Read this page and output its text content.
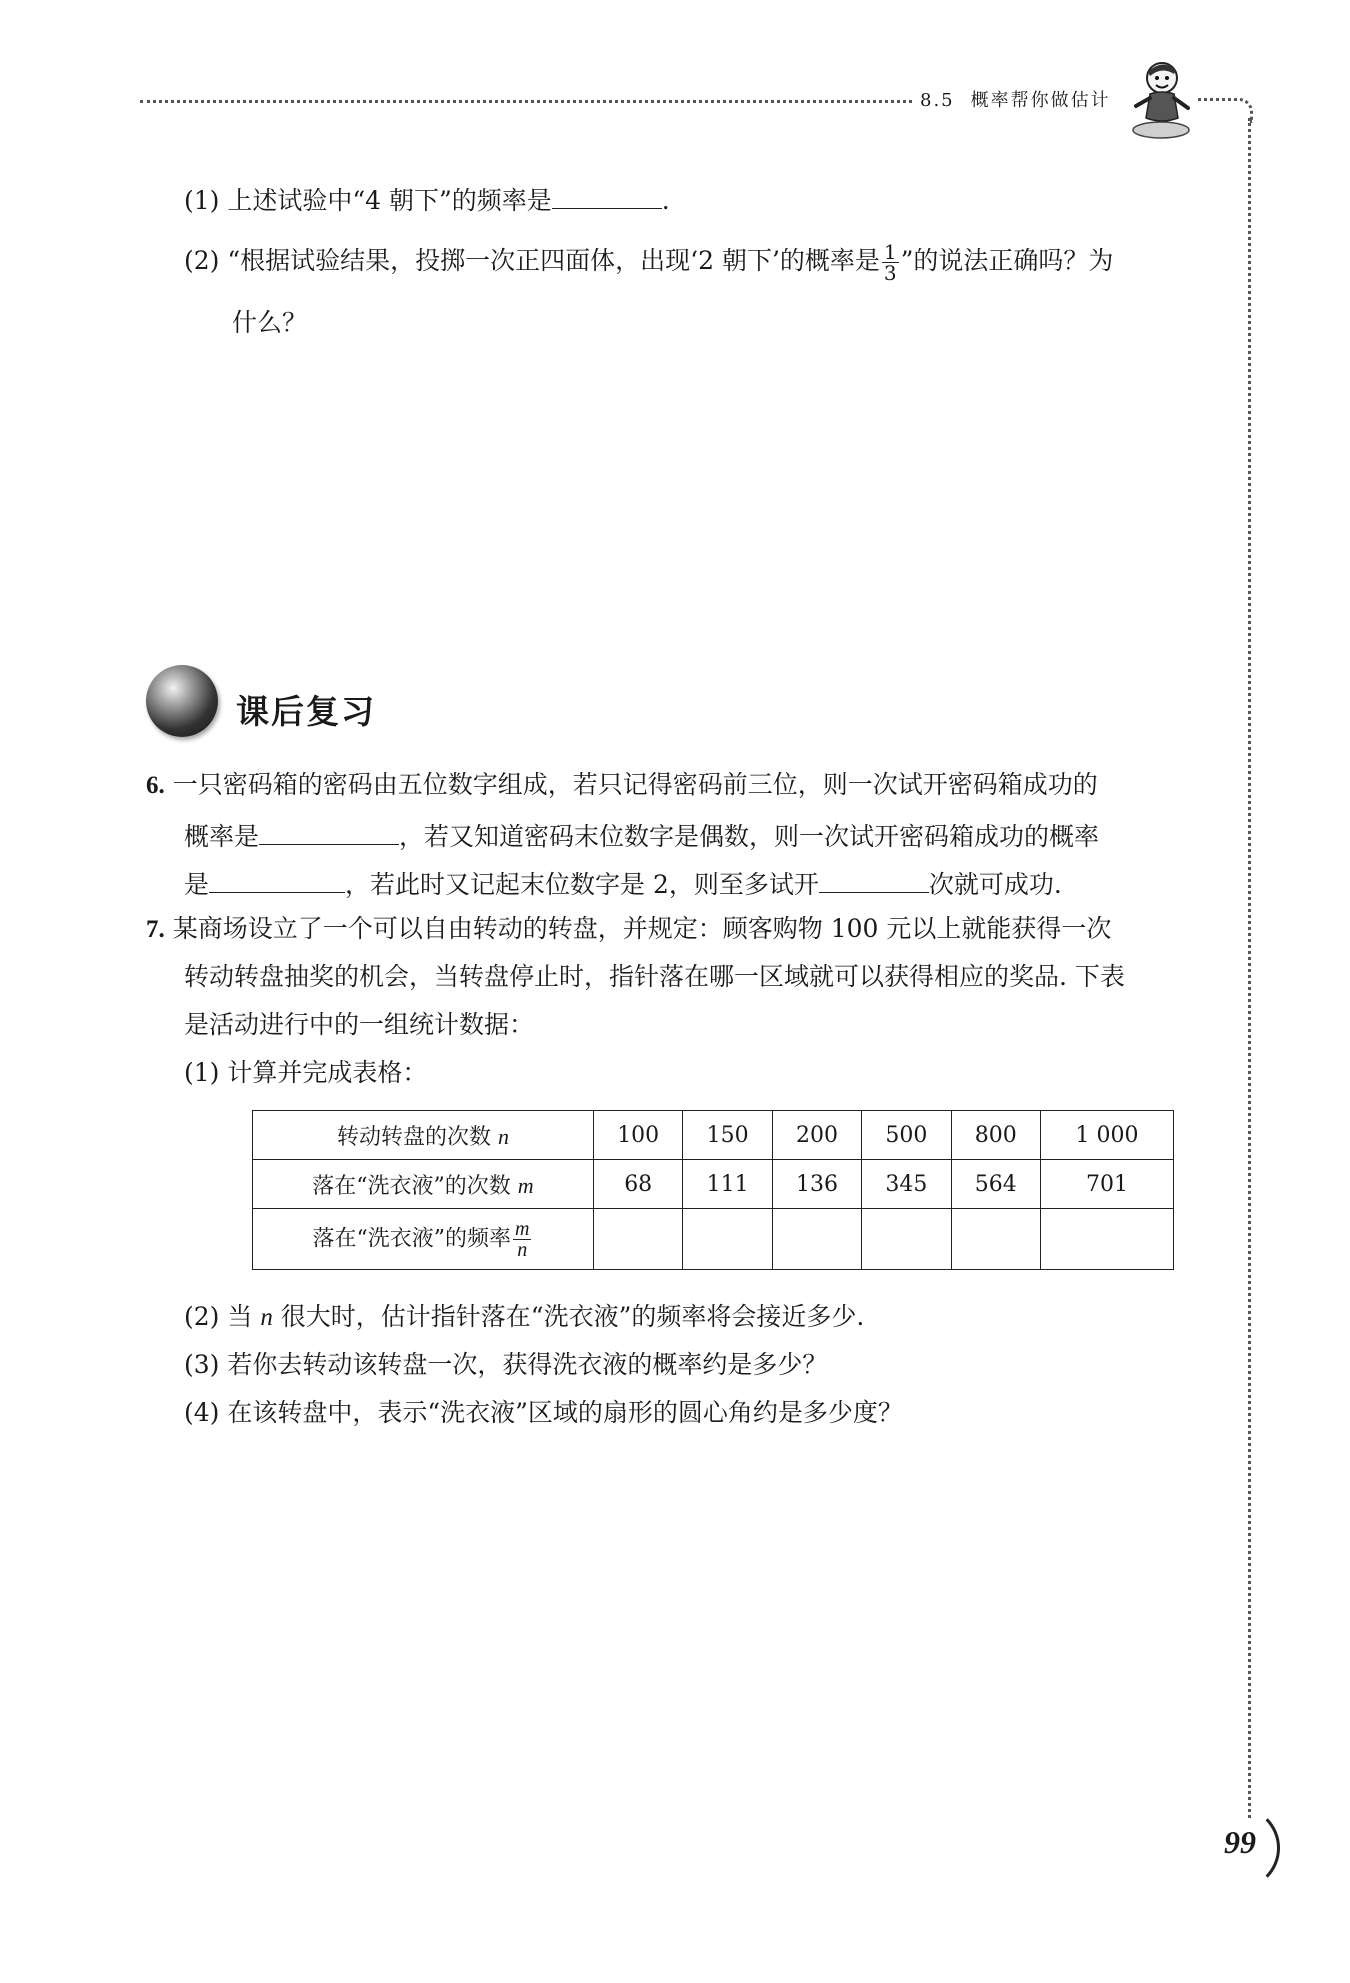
8.5 概率帮你做估计
(1) 上述试验中“4 朝下”的频率是	.
(2) “根据试验结果，投掷一次正四面体，出现‘2 朝下’的概率是 $\frac{1}{3}$ ”的说法正确吗？为
什么？
课后复习
6. 一只密码箱的密码由五位数字组成，若只记得密码前三位，则一次试开密码箱成功的
概率是	，若又知道密码末位数字是偶数，则一次试开密码箱成功的概率
是	，若此时又记起末位数字是 2，则至多试开	次就可成功.
7. 某商场设立了一个可以自由转动的转盘，并规定：顾客购物 100 元以上就能获得一次
转动转盘抽奖的机会，当转盘停止时，指针落在哪一区域就可以获得相应的奖品. 下表
是活动进行中的一组统计数据：
(1) 计算并完成表格：
转动转盘的次数 n	100	150	200	500	800	1 000
落在“洗衣液”的次数 m	68	111	136	345	564	701
落在“洗衣液”的频率 $\frac{m}{n}$

(2) 当 n 很大时，估计指针落在“洗衣液”的频率将会接近多少.
(3) 若你去转动该转盘一次，获得洗衣液的概率约是多少？
(4) 在该转盘中，表示“洗衣液”区域的扇形的圆心角约是多少度？
99
